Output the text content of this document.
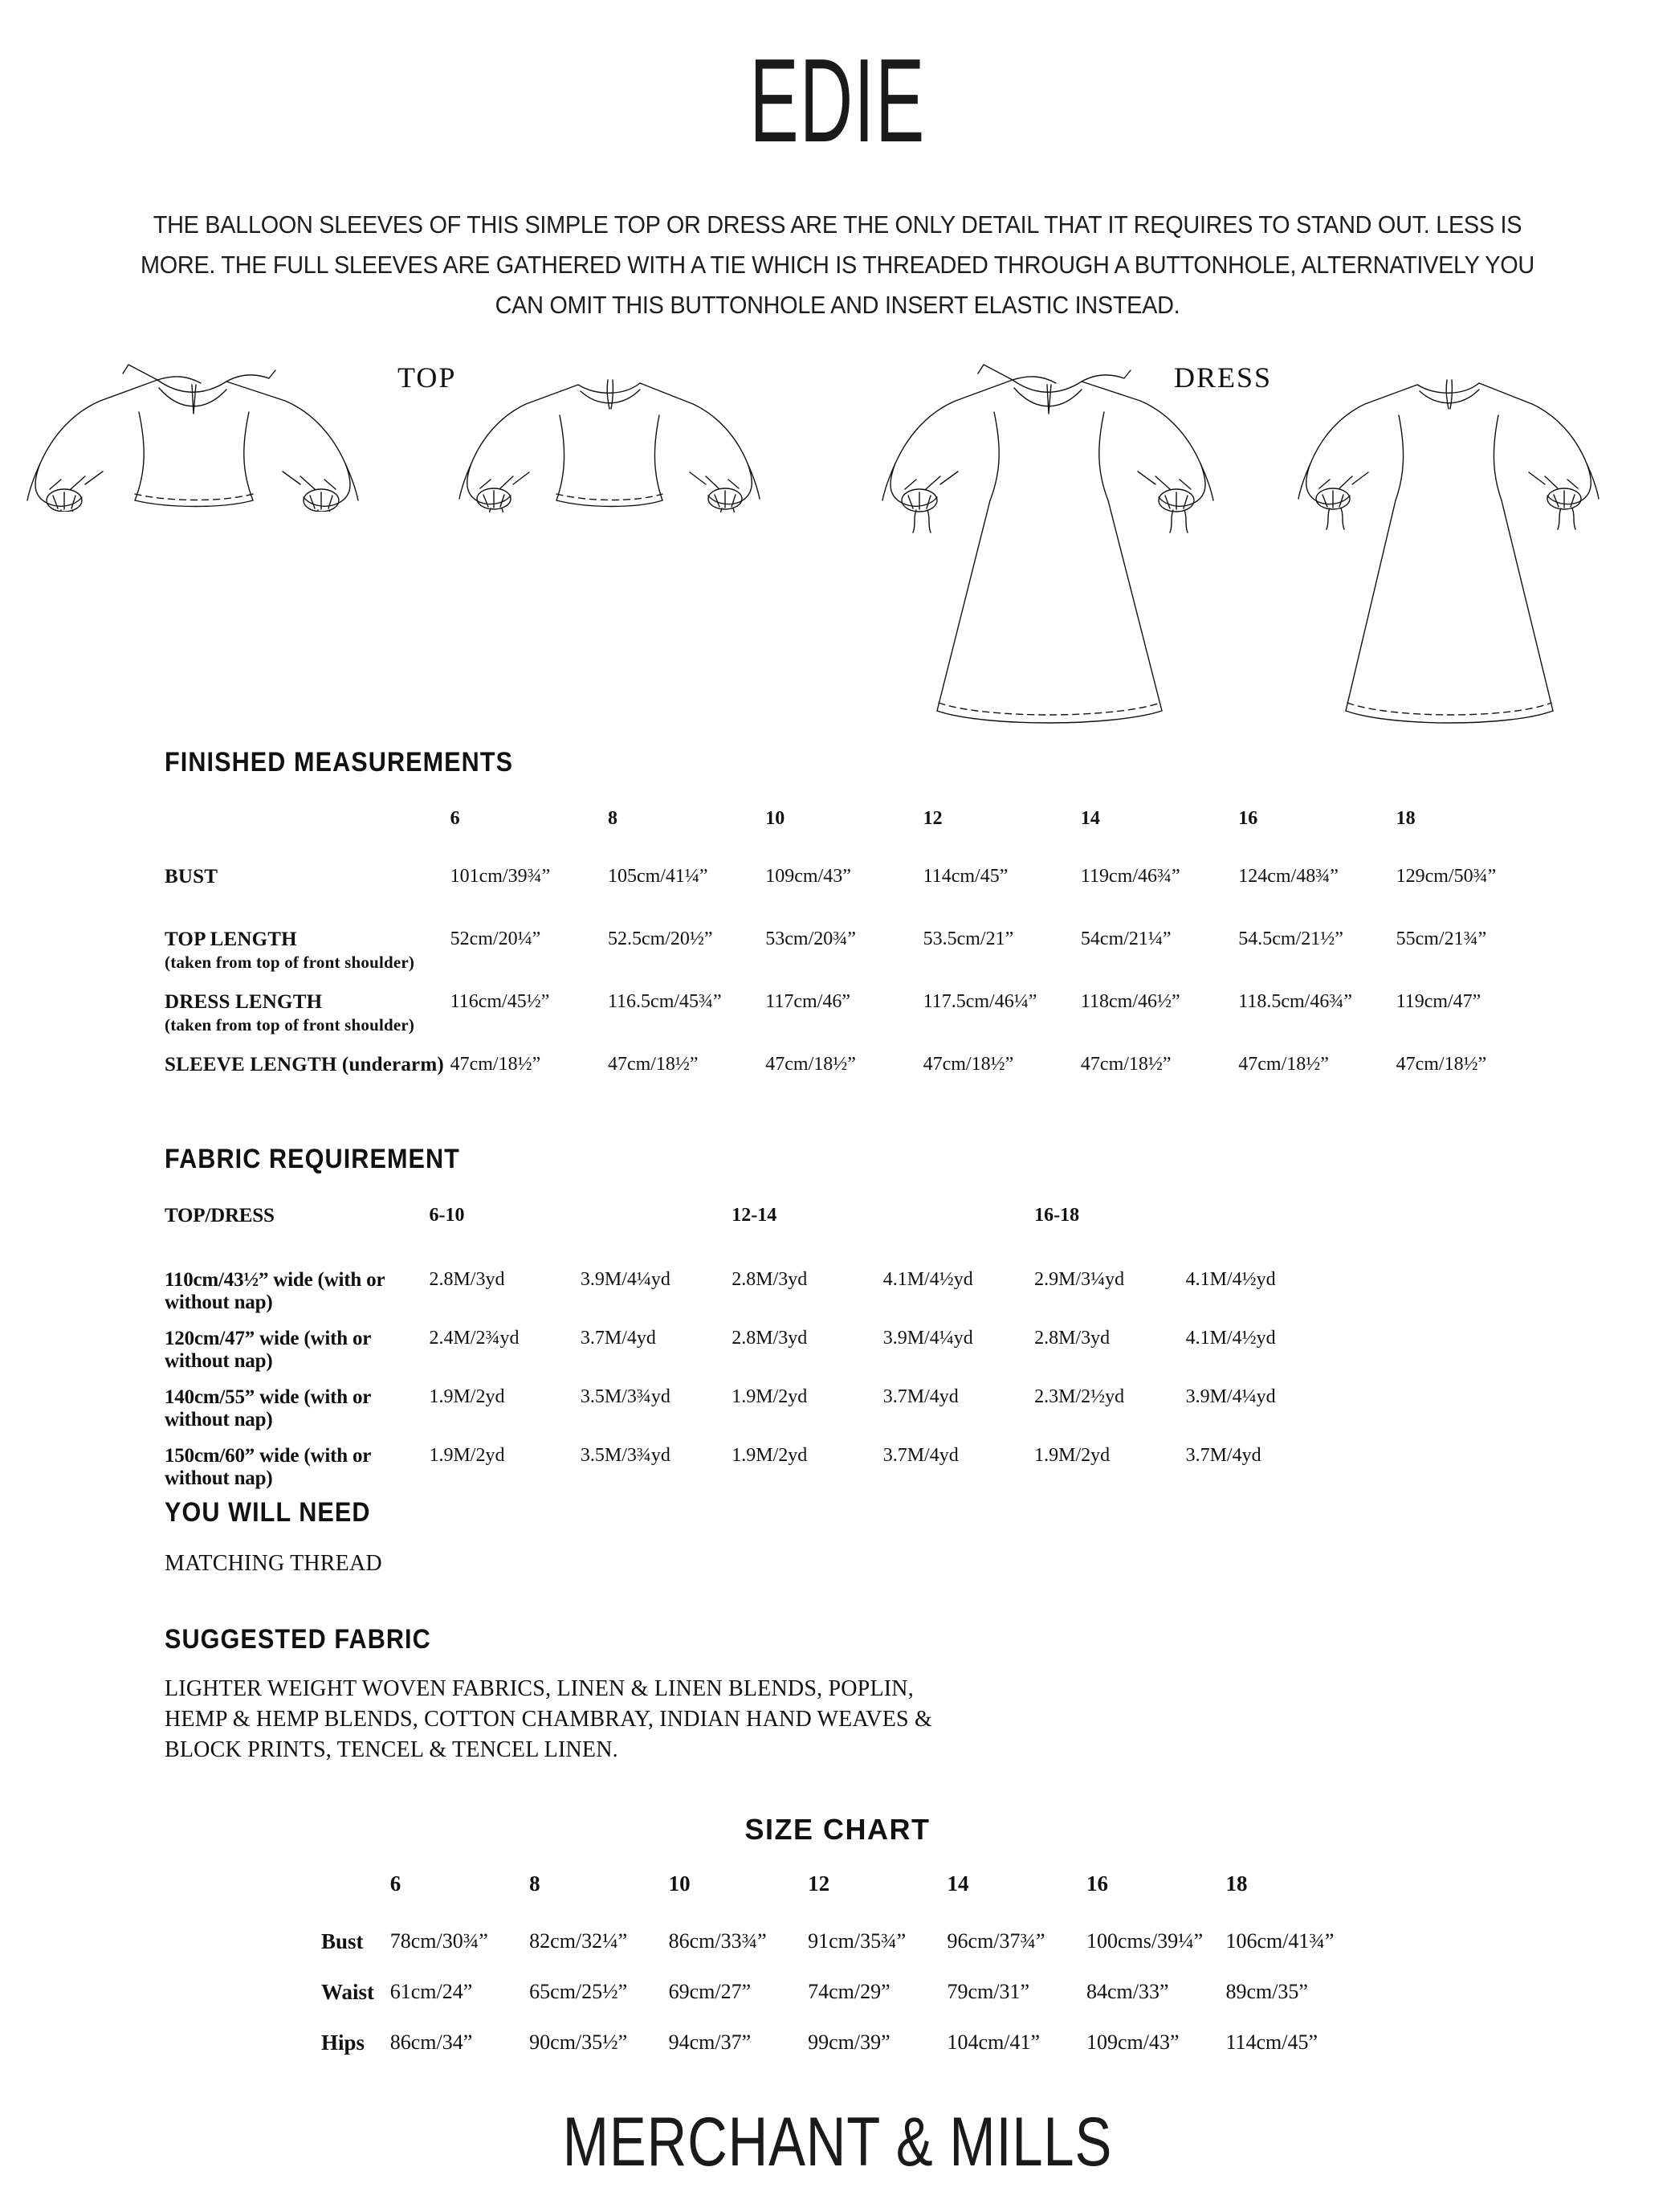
EDIE
THE BALLOON SLEEVES OF THIS SIMPLE TOP OR DRESS ARE THE ONLY DETAIL THAT IT REQUIRES TO STAND OUT. LESS IS
MORE. THE FULL SLEEVES ARE GATHERED WITH A TIE WHICH IS THREADED THROUGH A BUTTONHOLE, ALTERNATIVELY YOU
CAN OMIT THIS BUTTONHOLE AND INSERT ELASTIC INSTEAD.
TOP	DRESS
FINISHED MEASUREMENTS
	6	8	10	12	14	16	18
BUST	101cm/39¾”	105cm/41¼”	109cm/43”	114cm/45”	119cm/46¾”	124cm/48¾”	129cm/50¾”
TOP LENGTH
(taken from top of front shoulder)	52cm/20¼”	52.5cm/20½”	53cm/20¾”	53.5cm/21”	54cm/21¼”	54.5cm/21½”	55cm/21¾”
DRESS LENGTH
(taken from top of front shoulder)	116cm/45½”	116.5cm/45¾”	117cm/46”	117.5cm/46¼”	118cm/46½”	118.5cm/46¾”	119cm/47”
SLEEVE LENGTH (underarm)	47cm/18½”	47cm/18½”	47cm/18½”	47cm/18½”	47cm/18½”	47cm/18½”	47cm/18½”
FABRIC REQUIREMENT
TOP/DRESS	6-10		12-14		16-18	
110cm/43½” wide (with or without nap)	2.8M/3yd	3.9M/4¼yd	2.8M/3yd	4.1M/4½yd	2.9M/3¼yd	4.1M/4½yd
120cm/47” wide (with or without nap)	2.4M/2¾yd	3.7M/4yd	2.8M/3yd	3.9M/4¼yd	2.8M/3yd	4.1M/4½yd
140cm/55” wide (with or without nap)	1.9M/2yd	3.5M/3¾yd	1.9M/2yd	3.7M/4yd	2.3M/2½yd	3.9M/4¼yd
150cm/60” wide (with or without nap)	1.9M/2yd	3.5M/3¾yd	1.9M/2yd	3.7M/4yd	1.9M/2yd	3.7M/4yd
YOU WILL NEED
MATCHING THREAD
SUGGESTED FABRIC
LIGHTER WEIGHT WOVEN FABRICS, LINEN & LINEN BLENDS, POPLIN,
HEMP & HEMP BLENDS, COTTON CHAMBRAY, INDIAN HAND WEAVES &
BLOCK PRINTS, TENCEL & TENCEL LINEN.
SIZE CHART
	6	8	10	12	14	16	18
Bust	78cm/30¾”	82cm/32¼”	86cm/33¾”	91cm/35¾”	96cm/37¾”	100cms/39¼”	106cm/41¾”
Waist	61cm/24”	65cm/25½”	69cm/27”	74cm/29”	79cm/31”	84cm/33”	89cm/35”
Hips	86cm/34”	90cm/35½”	94cm/37”	99cm/39”	104cm/41”	109cm/43”	114cm/45”
MERCHANT & MILLS
